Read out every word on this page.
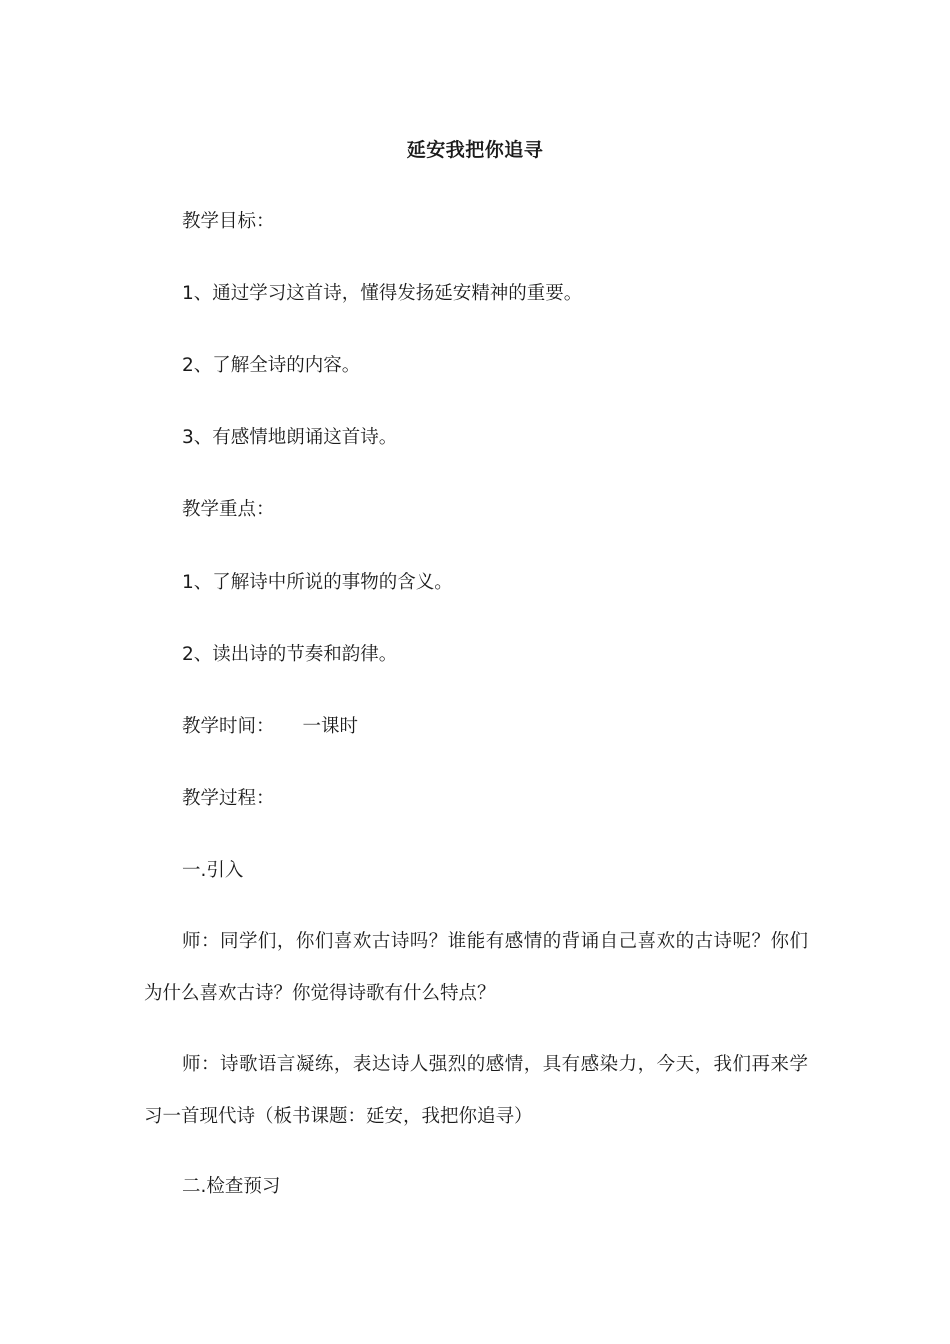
延安我把你追寻
教学目标：
1、通过学习这首诗，懂得发扬延安精神的重要。
2、了解全诗的内容。
3、有感情地朗诵这首诗。
教学重点：
1、了解诗中所说的事物的含义。
2、读出诗的节奏和韵律。
教学时间： 一课时
教学过程：
一.引入
师：同学们，你们喜欢古诗吗？谁能有感情的背诵自己喜欢的古诗呢？你们为什么喜欢古诗？你觉得诗歌有什么特点？
师：诗歌语言凝练，表达诗人强烈的感情，具有感染力，今天，我们再来学习一首现代诗（板书课题：延安，我把你追寻）
二.检查预习
